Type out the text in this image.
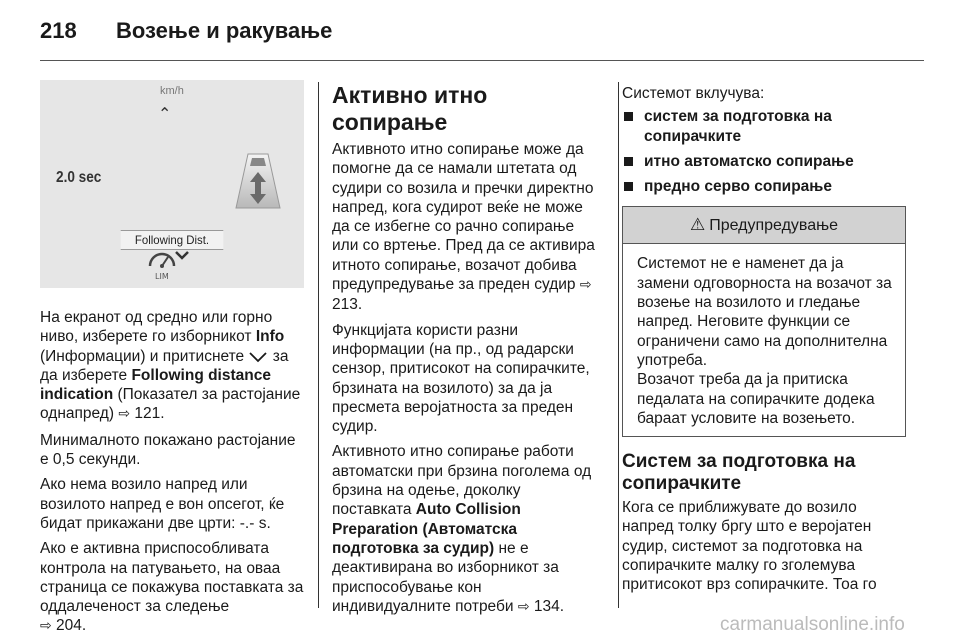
218 Возење и ракување
km/h
⌃
2.0 sec
Following Dist.
LIM

На екранот од средно или горно ниво, изберете го изборникот Info (Информации) и притиснете  за да изберете Following distance indication (Показател за растојание однапред) ⇨ 121.

Минималното покажано растојание е 0,5 секунди.

Ако нема возило напред или возилото напред е вон опсегот, ќе бидат прикажани две црти: -.- s.

Ако е активна приспособливата контрола на патувањето, на оваа страница се покажува поставката за оддалеченост за следење
⇨ 204.

Активно итно сопирање

Активното итно сопирање може да помогне да се намали штетата од судири со возила и пречки директно напред, кога судирот веќе не може да се избегне со рачно сопирање или со вртење. Пред да се активира итното сопирање, возачот добива предупредување за преден судир ⇨ 213.

Функцијата користи разни информации (на пр., од радарски сензор, притисокот на сопирачките, брзината на возилото) за да ја пресмета веројатноста за преден судир.

Активното итно сопирање работи автоматски при брзина поголема од брзина на одење, доколку поставката Auto Collision Preparation (Автоматска подготовка за судир) не е деактивирана во изборникот за приспособување кон индивидуалните потреби ⇨ 134.

Системот вклучува:

систем за подготовка на сопирачките
итно автоматско сопирање
предно серво сопирање
⚠ Предупредување

Системот не е наменет да ја замени одговорноста на возачот за возење на возилото и гледање напред. Неговите функции се ограничени само на дополнителна употреба.

Возачот треба да ја притиска педалата на сопирачките додека бараат условите на возењето.

Систем за подготовка на сопирачките

Кога се приближувате до возило напред толку бргу што е веројатен судир, системот за подготовка на сопирачките малку го зголемува притисокот врз сопирачките. Тоа го

carmanualsonline.info
